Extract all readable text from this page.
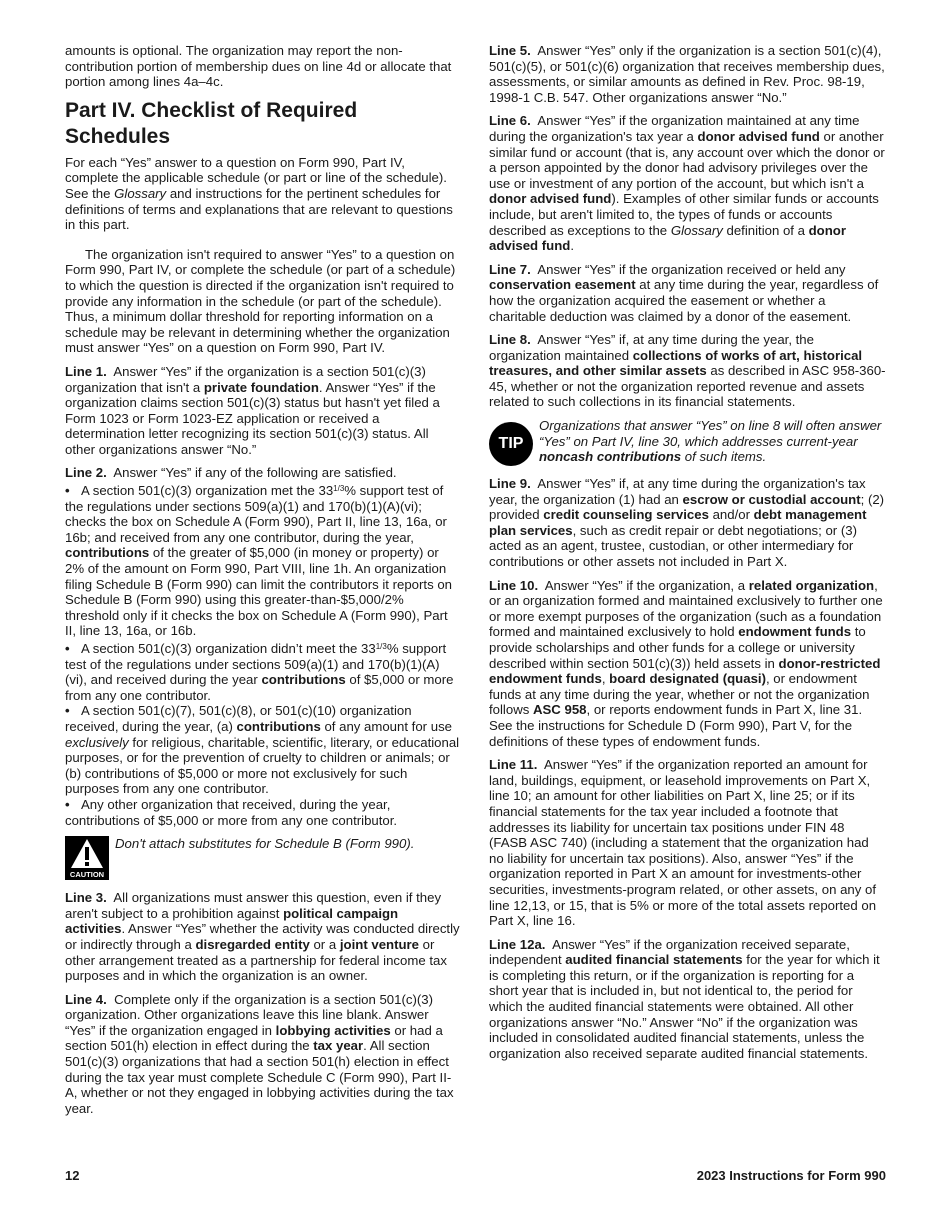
amounts is optional. The organization may report the non-contribution portion of membership dues on line 4d or allocate that portion among lines 4a–4c.

Part IV. Checklist of Required Schedules

For each “Yes” answer to a question on Form 990, Part IV, complete the applicable schedule (or part or line of the schedule). See the Glossary and instructions for the pertinent schedules for definitions of terms and explanations that are relevant to questions in this part.

The organization isn't required to answer “Yes” to a question on Form 990, Part IV, or complete the schedule (or part of a schedule) to which the question is directed if the organization isn't required to provide any information in the schedule (or part of the schedule). Thus, a minimum dollar threshold for reporting information on a schedule may be relevant in determining whether the organization must answer “Yes” on a question on Form 990, Part IV.

Line 1. Answer “Yes” if the organization is a section 501(c)(3) organization that isn't a private foundation. Answer “Yes” if the organization claims section 501(c)(3) status but hasn't yet filed a Form 1023 or Form 1023-EZ application or received a determination letter recognizing its section 501(c)(3) status. All other organizations answer “No.”

Line 2. Answer “Yes” if any of the following are satisfied.

• A section 501(c)(3) organization met the $33^{1/3}\%$ support test of the regulations under sections 509(a)(1) and 170(b)(1)(A)(vi); checks the box on Schedule A (Form 990), Part II, line 13, 16a, or 16b; and received from any one contributor, during the year, contributions of the greater of $5,000 (in money or property) or 2% of the amount on Form 990, Part VIII, line 1h. An organization filing Schedule B (Form 990) can limit the contributors it reports on Schedule B (Form 990) using this greater-than-$5,000/2% threshold only if it checks the box on Schedule A (Form 990), Part II, line 13, 16a, or 16b.

• A section 501(c)(3) organization didn’t meet the $33^{1/3}\%$ support test of the regulations under sections 509(a)(1) and 170(b)(1)(A)(vi), and received during the year contributions of $5,000 or more from any one contributor.

• A section 501(c)(7), 501(c)(8), or 501(c)(10) organization received, during the year, (a) contributions of any amount for use exclusively for religious, charitable, scientific, literary, or educational purposes, or for the prevention of cruelty to children or animals; or (b) contributions of $5,000 or more not exclusively for such purposes from any one contributor.

• Any other organization that received, during the year, contributions of $5,000 or more from any one contributor.

CAUTION
Don't attach substitutes for Schedule B (Form 990).

Line 3. All organizations must answer this question, even if they aren't subject to a prohibition against political campaign activities. Answer “Yes” whether the activity was conducted directly or indirectly through a disregarded entity or a joint venture or other arrangement treated as a partnership for federal income tax purposes and in which the organization is an owner.

Line 4. Complete only if the organization is a section 501(c)(3) organization. Other organizations leave this line blank. Answer “Yes” if the organization engaged in lobbying activities or had a section 501(h) election in effect during the tax year. All section 501(c)(3) organizations that had a section 501(h) election in effect during the tax year must complete Schedule C (Form 990), Part II-A, whether or not they engaged in lobbying activities during the tax year.

Line 5. Answer “Yes” only if the organization is a section 501(c)(4), 501(c)(5), or 501(c)(6) organization that receives membership dues, assessments, or similar amounts as defined in Rev. Proc. 98-19, 1998-1 C.B. 547. Other organizations answer “No.”

Line 6. Answer “Yes” if the organization maintained at any time during the organization's tax year a donor advised fund or another similar fund or account (that is, any account over which the donor or a person appointed by the donor had advisory privileges over the use or investment of any portion of the account, but which isn't a donor advised fund). Examples of other similar funds or accounts include, but aren't limited to, the types of funds or accounts described as exceptions to the Glossary definition of a donor advised fund.

Line 7. Answer “Yes” if the organization received or held any conservation easement at any time during the year, regardless of how the organization acquired the easement or whether a charitable deduction was claimed by a donor of the easement.

Line 8. Answer “Yes” if, at any time during the year, the organization maintained collections of works of art, historical treasures, and other similar assets as described in ASC 958-360-45, whether or not the organization reported revenue and assets related to such collections in its financial statements.

TIP
Organizations that answer “Yes” on line 8 will often answer “Yes” on Part IV, line 30, which addresses current-year noncash contributions of such items.

Line 9. Answer “Yes” if, at any time during the organization's tax year, the organization (1) had an escrow or custodial account; (2) provided credit counseling services and/or debt management plan services, such as credit repair or debt negotiations; or (3) acted as an agent, trustee, custodian, or other intermediary for contributions or other assets not included in Part X.

Line 10. Answer “Yes” if the organization, a related organization, or an organization formed and maintained exclusively to further one or more exempt purposes of the organization (such as a foundation formed and maintained exclusively to hold endowment funds to provide scholarships and other funds for a college or university described within section 501(c)(3)) held assets in donor-restricted endowment funds, board designated (quasi), or endowment funds at any time during the year, whether or not the organization follows ASC 958, or reports endowment funds in Part X, line 31. See the instructions for Schedule D (Form 990), Part V, for the definitions of these types of endowment funds.

Line 11. Answer “Yes” if the organization reported an amount for land, buildings, equipment, or leasehold improvements on Part X, line 10; an amount for other liabilities on Part X, line 25; or if its financial statements for the tax year included a footnote that addresses its liability for uncertain tax positions under FIN 48 (FASB ASC 740) (including a statement that the organization had no liability for uncertain tax positions). Also, answer “Yes” if the organization reported in Part X an amount for investments-other securities, investments-program related, or other assets, on any of line 12,13, or 15, that is 5% or more of the total assets reported on Part X, line 16.

Line 12a. Answer “Yes” if the organization received separate, independent audited financial statements for the year for which it is completing this return, or if the organization is reporting for a short year that is included in, but not identical to, the period for which the audited financial statements were obtained. All other organizations answer “No.” Answer “No” if the organization was included in consolidated audited financial statements, unless the organization also received separate audited financial statements.

12	2023 Instructions for Form 990
